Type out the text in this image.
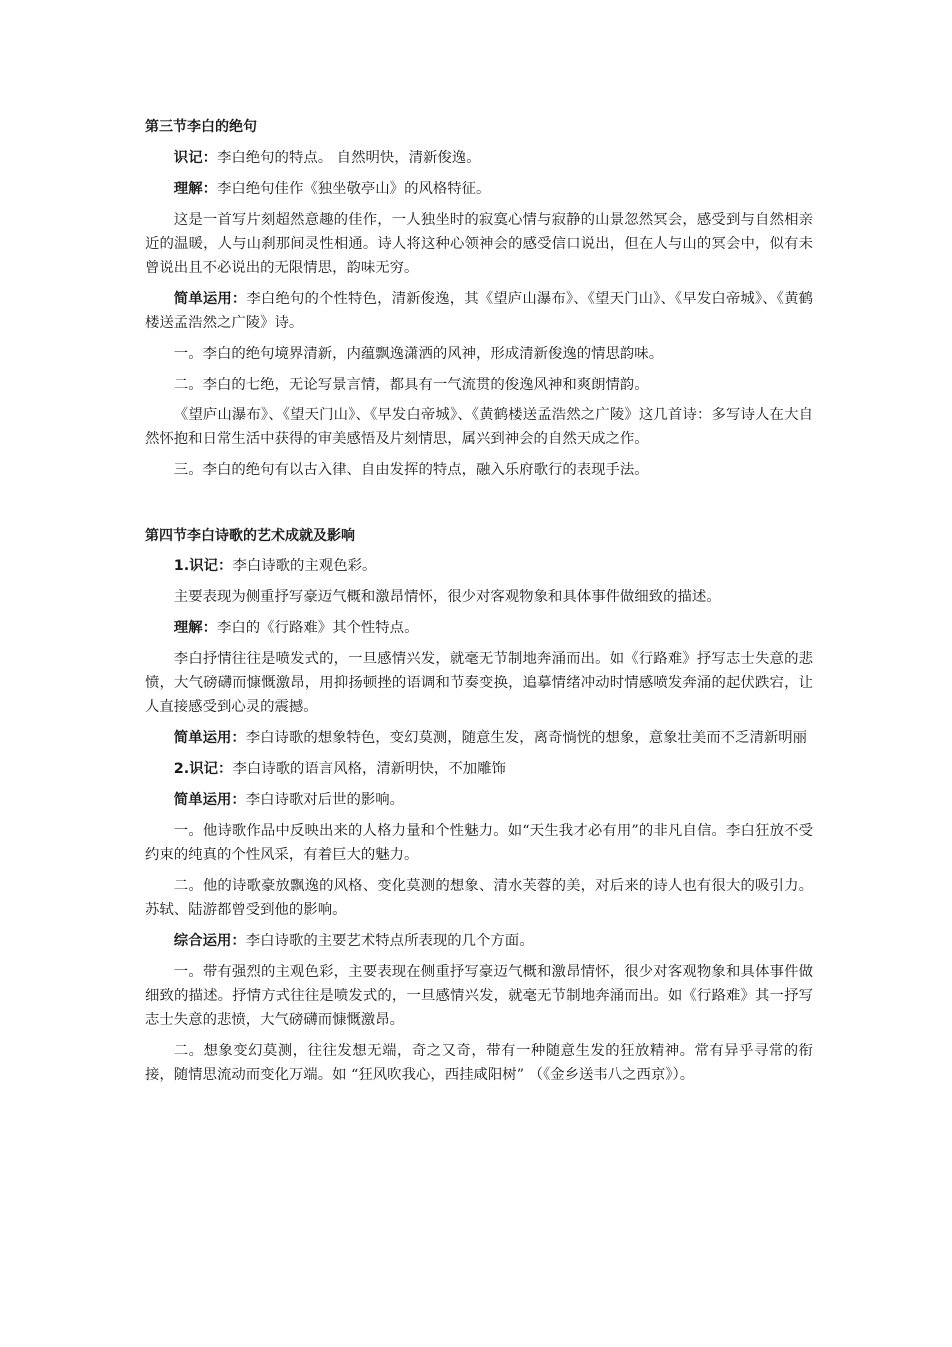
第三节李白的绝句

识记：李白绝句的特点。 自然明快，清新俊逸。

理解：李白绝句佳作《独坐敬亭山》的风格特征。

这是一首写片刻超然意趣的佳作，一人独坐时的寂寞心情与寂静的山景忽然冥会，感受到与自然相亲近的温暖，人与山刹那间灵性相通。诗人将这种心领神会的感受信口说出，但在人与山的冥会中，似有未曾说出且不必说出的无限情思，韵味无穷。

简单运用：李白绝句的个性特色，清新俊逸，其《望庐山瀑布》、《望天门山》、《早发白帝城》、《黄鹤楼送孟浩然之广陵》诗。

一。李白的绝句境界清新，内蕴飘逸潇洒的风神，形成清新俊逸的情思韵味。

二。李白的七绝，无论写景言情，都具有一气流贯的俊逸风神和爽朗情韵。

《望庐山瀑布》、《望天门山》、《早发白帝城》、《黄鹤楼送孟浩然之广陵》这几首诗：多写诗人在大自然怀抱和日常生活中获得的审美感悟及片刻情思，属兴到神会的自然天成之作。

三。李白的绝句有以古入律、自由发挥的特点，融入乐府歌行的表现手法。

第四节李白诗歌的艺术成就及影响

1.识记：李白诗歌的主观色彩。

主要表现为侧重抒写豪迈气概和激昂情怀，很少对客观物象和具体事件做细致的描述。

理解：李白的《行路难》其个性特点。

李白抒情往往是喷发式的，一旦感情兴发，就毫无节制地奔涌而出。如《行路难》抒写志士失意的悲愤，大气磅礴而慷慨激昂，用抑扬顿挫的语调和节奏变换，追摹情绪冲动时情感喷发奔涌的起伏跌宕，让人直接感受到心灵的震撼。

简单运用：李白诗歌的想象特色，变幻莫测，随意生发，离奇惝恍的想象，意象壮美而不乏清新明丽

2.识记：李白诗歌的语言风格，清新明快，不加雕饰

简单运用：李白诗歌对后世的影响。

一。他诗歌作品中反映出来的人格力量和个性魅力。如“天生我才必有用”的非凡自信。李白狂放不受约束的纯真的个性风采，有着巨大的魅力。

二。他的诗歌豪放飘逸的风格、变化莫测的想象、清水芙蓉的美，对后来的诗人也有很大的吸引力。苏轼、陆游都曾受到他的影响。

综合运用：李白诗歌的主要艺术特点所表现的几个方面。

一。带有强烈的主观色彩，主要表现在侧重抒写豪迈气概和激昂情怀，很少对客观物象和具体事件做细致的描述。抒情方式往往是喷发式的，一旦感情兴发，就毫无节制地奔涌而出。如《行路难》其一抒写志士失意的悲愤，大气磅礴而慷慨激昂。

二。想象变幻莫测，往往发想无端，奇之又奇，带有一种随意生发的狂放精神。常有异乎寻常的衔接，随情思流动而变化万端。如 “狂风吹我心，西挂咸阳树” （《金乡送韦八之西京》）。
